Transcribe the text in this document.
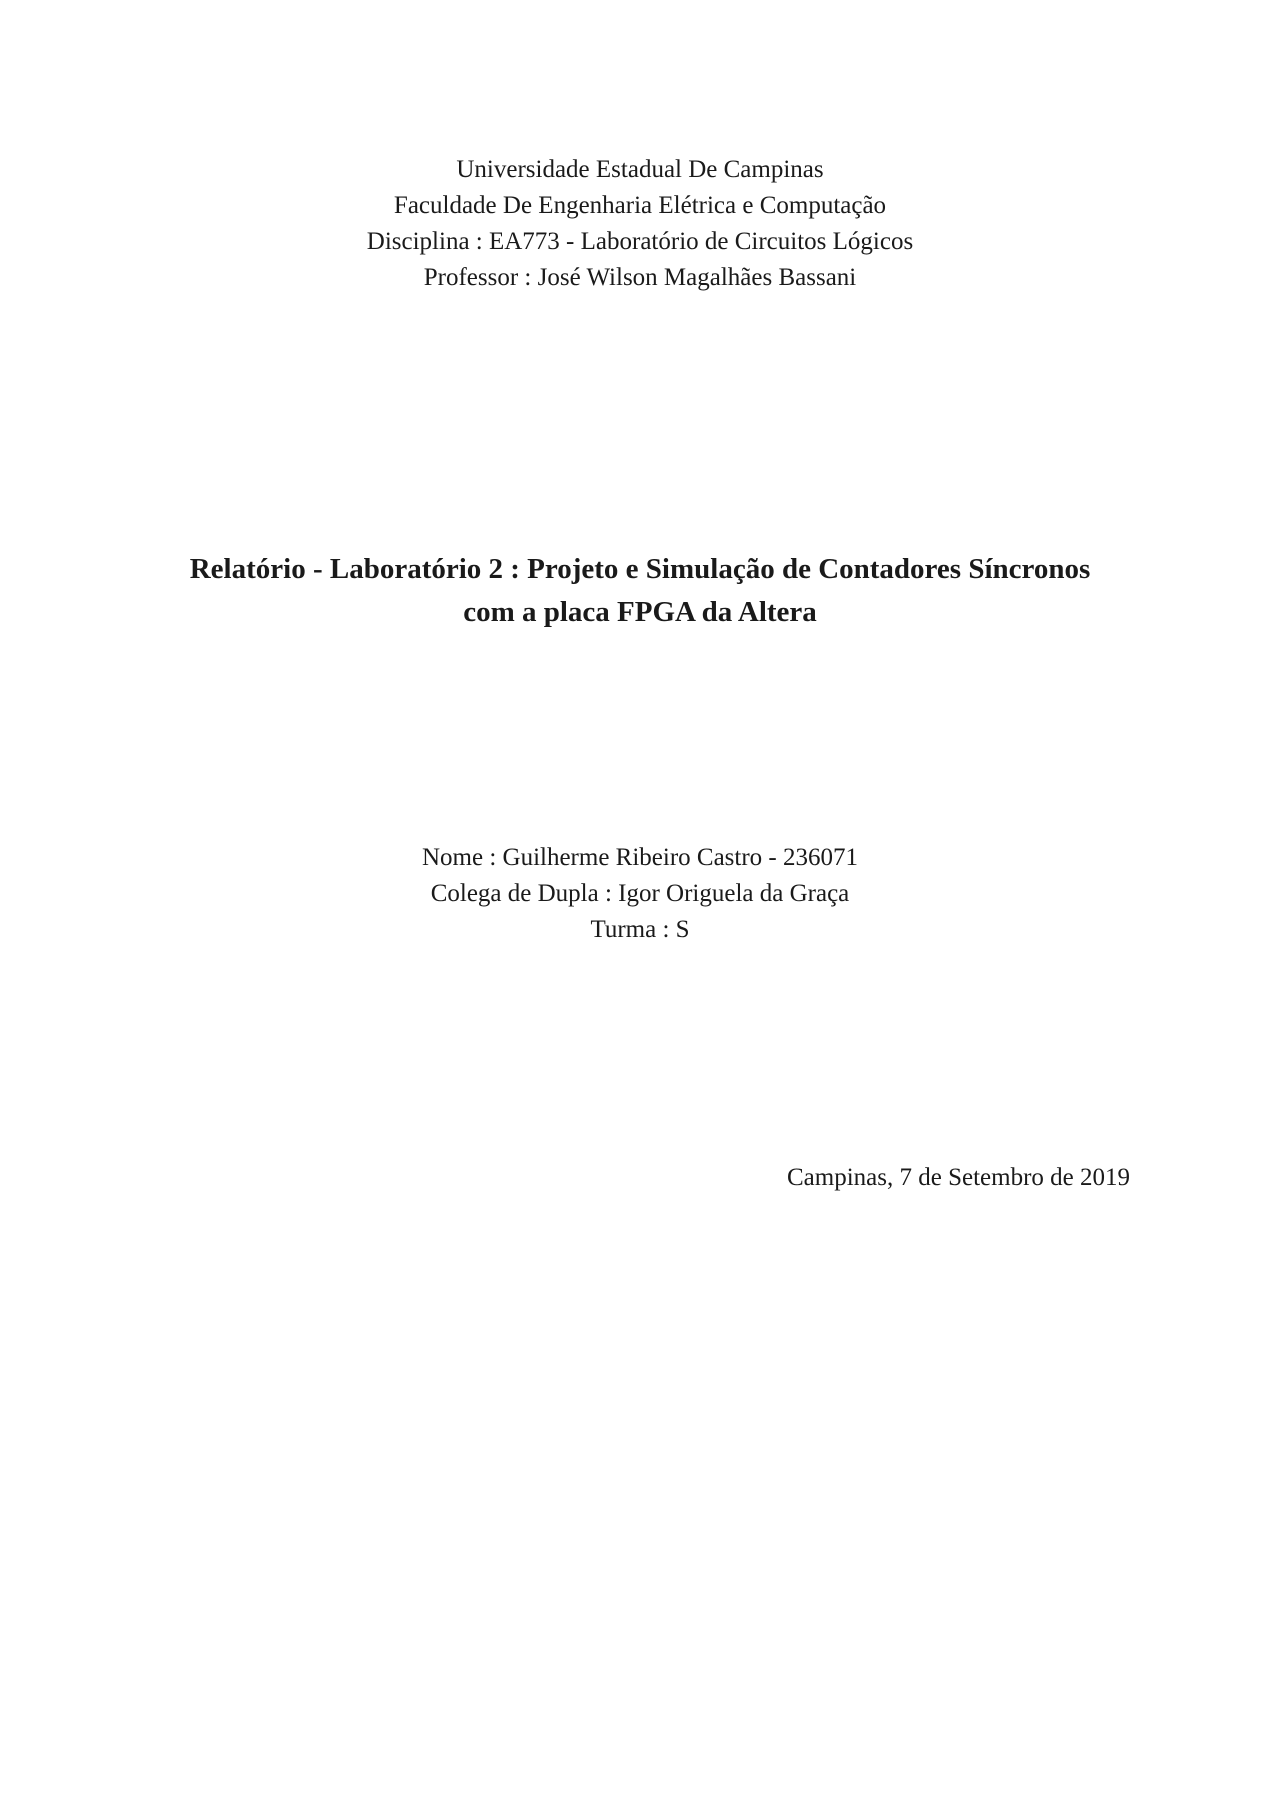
Universidade Estadual De Campinas
Faculdade De Engenharia Elétrica e Computação
Disciplina : EA773 - Laboratório de Circuitos Lógicos
Professor : José Wilson Magalhães Bassani
Relatório - Laboratório 2 : Projeto e Simulação de Contadores Síncronos
com a placa FPGA da Altera
Nome : Guilherme Ribeiro Castro - 236071
Colega de Dupla : Igor Origuela da Graça
Turma : S
Campinas, 7 de Setembro de 2019
